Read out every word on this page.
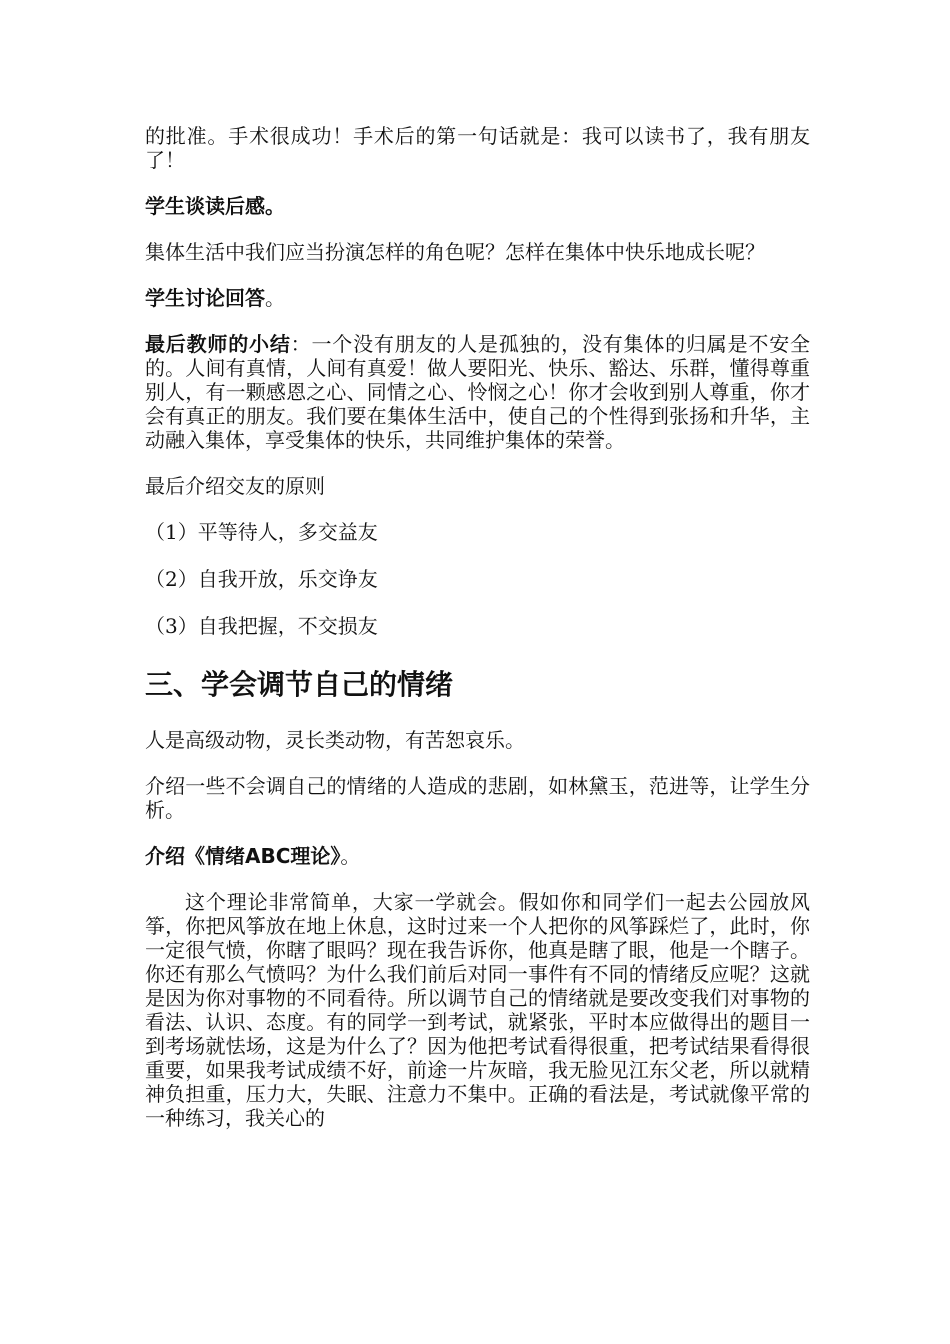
的批准。手术很成功！手术后的第一句话就是：我可以读书了，我有朋友了！

学生谈读后感。

集体生活中我们应当扮演怎样的角色呢？怎样在集体中快乐地成长呢？

学生讨论回答。

最后教师的小结：一个没有朋友的人是孤独的，没有集体的归属是不安全的。人间有真情，人间有真爱！做人要阳光、快乐、豁达、乐群，懂得尊重别人，有一颗感恩之心、同情之心、怜悯之心！你才会收到别人尊重，你才会有真正的朋友。我们要在集体生活中，使自己的个性得到张扬和升华，主动融入集体，享受集体的快乐，共同维护集体的荣誉。

最后介绍交友的原则

（1）平等待人，多交益友

（2）自我开放，乐交诤友

（3）自我把握，不交损友

三、学会调节自己的情绪

人是高级动物，灵长类动物，有苦恕哀乐。

介绍一些不会调自己的情绪的人造成的悲剧，如林黛玉，范进等，让学生分析。

介绍《情绪ABC理论》。

这个理论非常简单，大家一学就会。假如你和同学们一起去公园放风筝，你把风筝放在地上休息，这时过来一个人把你的风筝踩烂了，此时，你一定很气愤，你瞎了眼吗？现在我告诉你，他真是瞎了眼，他是一个瞎子。你还有那么气愤吗？为什么我们前后对同一事件有不同的情绪反应呢？这就是因为你对事物的不同看待。所以调节自己的情绪就是要改变我们对事物的看法、认识、态度。有的同学一到考试，就紧张，平时本应做得出的题目一到考场就怯场，这是为什么了？因为他把考试看得很重，把考试结果看得很重要，如果我考试成绩不好，前途一片灰暗，我无脸见江东父老，所以就精神负担重，压力大，失眠、注意力不集中。正确的看法是，考试就像平常的一种练习，我关心的
